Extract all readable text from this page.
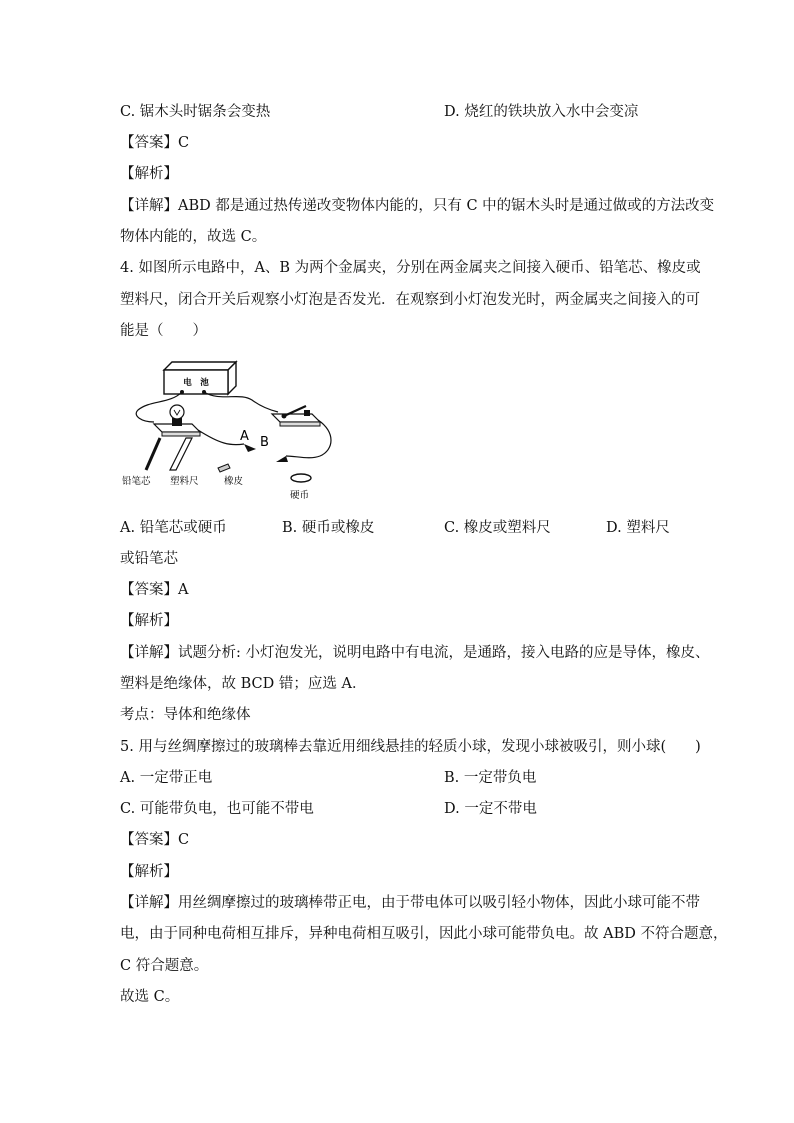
C. 锯木头时锯条会变热	D. 烧红的铁块放入水中会变凉
【答案】C
【解析】
【详解】ABD 都是通过热传递改变物体内能的，只有 C 中的锯木头时是通过做或的方法改变
物体内能的，故选 C。
4. 如图所示电路中，A、B 为两个金属夹，分别在两金属夹之间接入硬币、铅笔芯、橡皮或
塑料尺，闭合开关后观察小灯泡是否发光．在观察到小灯泡发光时，两金属夹之间接入的可
能是（　　）
电　池
A B
铅笔芯 塑料尺	橡皮
硬币
A. 铅笔芯或硬币	B. 硬币或橡皮	C. 橡皮或塑料尺	D. 塑料尺
或铅笔芯
【答案】A
【解析】
【详解】试题分析: 小灯泡发光，说明电路中有电流，是通路，接入电路的应是导体，橡皮、
塑料是绝缘体，故 BCD 错；应选 A．
考点：导体和绝缘体
5. 用与丝绸摩擦过的玻璃棒去靠近用细线悬挂的轻质小球，发现小球被吸引，则小球(　　)
A. 一定带正电	B. 一定带负电
C. 可能带负电，也可能不带电	D. 一定不带电
【答案】C
【解析】
【详解】用丝绸摩擦过的玻璃棒带正电，由于带电体可以吸引轻小物体，因此小球可能不带
电，由于同种电荷相互排斥，异种电荷相互吸引，因此小球可能带负电。故 ABD 不符合题意，
C 符合题意。
故选 C。
